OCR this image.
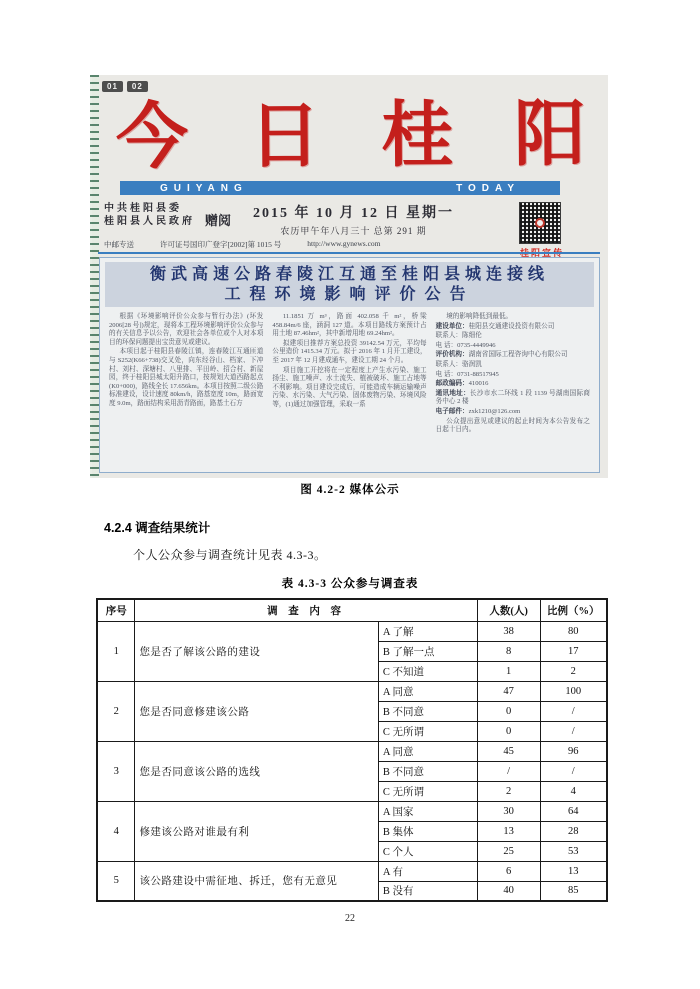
01	02
今 日 桂 阳
GUIYANG	TODAY
中共桂阳县委
桂阳县人民政府 赠阅 2015 年 10 月 12 日 星期一
农历甲午年八月三十 总第 291 期
中邮专送	许可证号国印广登字[2002]第 1015 号	http://www.gynews.com
衡武高速公路春陵江互通至桂阳县城连接线
工程环境影响评价公告

根据《环境影响评价公众参与暂行办法》(环发 2006[28 号])规定，现将本工程环境影响评价公众参与的有关信息予以公告，欢迎社会各单位或个人对本项目的环保问题提出宝贵意见或建议。

本项目起于桂阳县春陵江镇，连春陵江互通匝道与 S252(K66+738)交叉处，向东经谷山、档家、下冲村、刘村、深塘村、八里排、平田岭、招合村、新屋园，终于桂阳县城太阳升路口，按规划大道西路起点(K0+000)，路线全长 17.656km。本项目按照二级公路标准建设，设计速度 80km/h，路基宽度 10m，路面宽度 9.0m，路面结构采用沥青路面，路基土石方

11.1851 万 m³，路面 402.058 千 m²，桥梁 458.84m/6 座，涵洞 127 道。本项目路线方案预计占用土地 87.46hm²，其中新增用地 69.24hm²。

拟建项目推荐方案总投资 39142.54 万元，平均每公里造价 1415.34 万元。拟于 2016 年 1 月开工建设，至 2017 年 12 月建成通车，建设工期 24 个月。

项目施工开挖将在一定程度上产生水污染、施工扬尘、施工噪声、水土流失、植被破坏、施工占地等不利影响。项目建设完成后，可能造成车辆运输噪声污染、水污染、大气污染、固体废物污染、环境风险等，(1)通过加强管理，采取一系

境的影响降低到最低。

建设单位：桂阳县交通建设投资有限公司

联系人：陈细伦

电 话：0735-4449946

评价机构：湖南省国际工程咨询中心有限公司

联系人：骆润凯

电 话：0731-88517945

邮政编码：410016

通讯地址：长沙市水二环线 1 段 1139 号湖南国际商务中心 2 楼

电子邮件：zxk1210@126.com

公众提出意见或建议的起止时间为本公告发布之日起十日内。

图 4.2-2 媒体公示
4.2.4 调查结果统计
个人公众参与调查统计见表 4.3-3。
表 4.3-3 公众参与调查表
序号	调 查 内 容		人数(人)	比例（%）
1	您是否了解该公路的建设	A 了解	38	80
		B 了解一点	8	17
		C 不知道	1	2
2	您是否同意修建该公路	A 同意	47	100
		B 不同意	0	/
		C 无所谓	0	/
3	您是否同意该公路的选线	A 同意	45	96
		B 不同意	/	/
		C 无所谓	2	4
4	修建该公路对谁最有利	A 国家	30	64
		B 集体	13	28
		C 个人	25	53
5	该公路建设中需征地、拆迁，您有无意见	A 有	6	13
		B 没有	40	85
22
